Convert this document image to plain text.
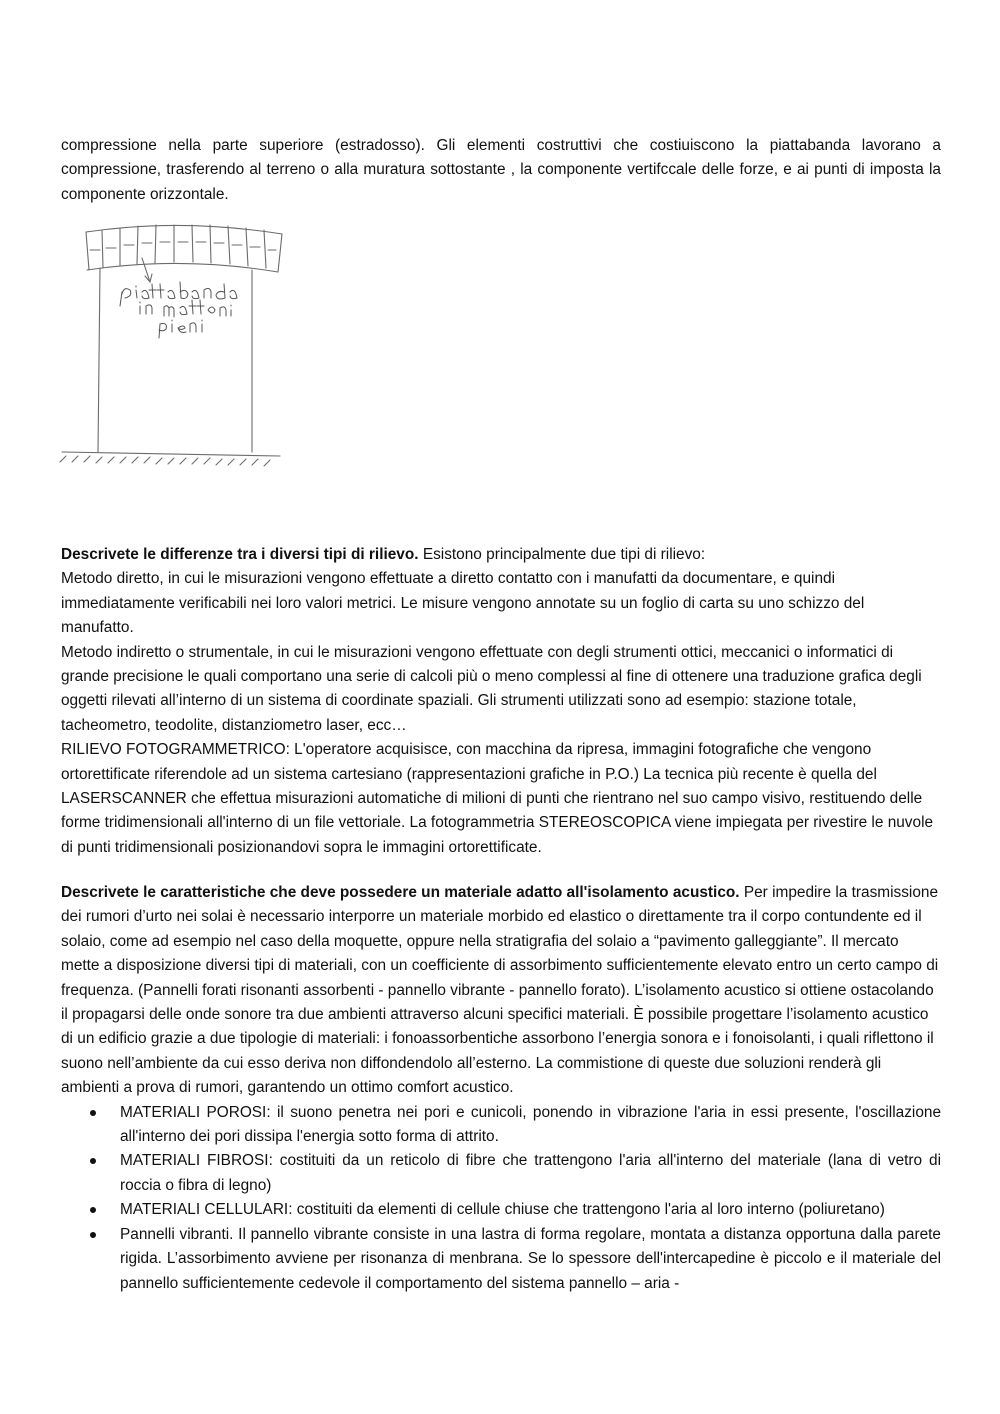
compressione nella parte superiore (estradosso). Gli elementi costruttivi che costiuiscono la piattabanda lavorano a compressione, trasferendo al terreno o alla muratura sottostante , la componente vertifccale delle forze, e ai punti di imposta la componente orizzontale.

Descrivete le differenze tra i diversi tipi di rilievo. Esistono principalmente due tipi di rilievo:

Metodo diretto, in cui le misurazioni vengono effettuate a diretto contatto con i manufatti da documentare, e quindi immediatamente verificabili nei loro valori metrici. Le misure vengono annotate su un foglio di carta su uno schizzo del manufatto.

Metodo indiretto o strumentale, in cui le misurazioni vengono effettuate con degli strumenti ottici, meccanici o informatici di grande precisione le quali comportano una serie di calcoli più o meno complessi al fine di ottenere una traduzione grafica degli oggetti rilevati all’interno di un sistema di coordinate spaziali. Gli strumenti utilizzati sono ad esempio: stazione totale, tacheometro, teodolite, distanziometro laser, ecc…

RILIEVO FOTOGRAMMETRICO: L'operatore acquisisce, con macchina da ripresa, immagini fotografiche che vengono ortorettificate riferendole ad un sistema cartesiano (rappresentazioni grafiche in P.O.) La tecnica più recente è quella del LASERSCANNER che effettua misurazioni automatiche di milioni di punti che rientrano nel suo campo visivo, restituendo delle forme tridimensionali all'interno di un file vettoriale. La fotogrammetria STEREOSCOPICA viene impiegata per rivestire le nuvole di punti tridimensionali posizionandovi sopra le immagini ortorettificate.

Descrivete le caratteristiche che deve possedere un materiale adatto all'isolamento acustico. Per impedire la trasmissione dei rumori d’urto nei solai è necessario interporre un materiale morbido ed elastico o direttamente tra il corpo contundente ed il solaio, come ad esempio nel caso della moquette, oppure nella stratigrafia del solaio a “pavimento galleggiante”. Il mercato mette a disposizione diversi tipi di materiali, con un coefficiente di assorbimento sufficientemente elevato entro un certo campo di frequenza. (Pannelli forati risonanti assorbenti - pannello vibrante - pannello forato). L’isolamento acustico si ottiene ostacolando il propagarsi delle onde sonore tra due ambienti attraverso alcuni specifici materiali. È possibile progettare l’isolamento acustico di un edificio grazie a due tipologie di materiali: i fonoassorbentiche assorbono l’energia sonora e i fonoisolanti, i quali riflettono il suono nell’ambiente da cui esso deriva non diffondendolo all’esterno. La commistione di queste due soluzioni renderà gli ambienti a prova di rumori, garantendo un ottimo comfort acustico.

MATERIALI POROSI: il suono penetra nei pori e cunicoli, ponendo in vibrazione l'aria in essi presente, l'oscillazione all'interno dei pori dissipa l'energia sotto forma di attrito.
MATERIALI FIBROSI: costituiti da un reticolo di fibre che trattengono l'aria all'interno del materiale (lana di vetro di roccia o fibra di legno)
MATERIALI CELLULARI: costituiti da elementi di cellule chiuse che trattengono l'aria al loro interno (poliuretano)
Pannelli vibranti. Il pannello vibrante consiste in una lastra di forma regolare, montata a distanza opportuna dalla parete rigida. L’assorbimento avviene per risonanza di menbrana. Se lo spessore dell'intercapedine è piccolo e il materiale del pannello sufficientemente cedevole il comportamento del sistema pannello – aria -
